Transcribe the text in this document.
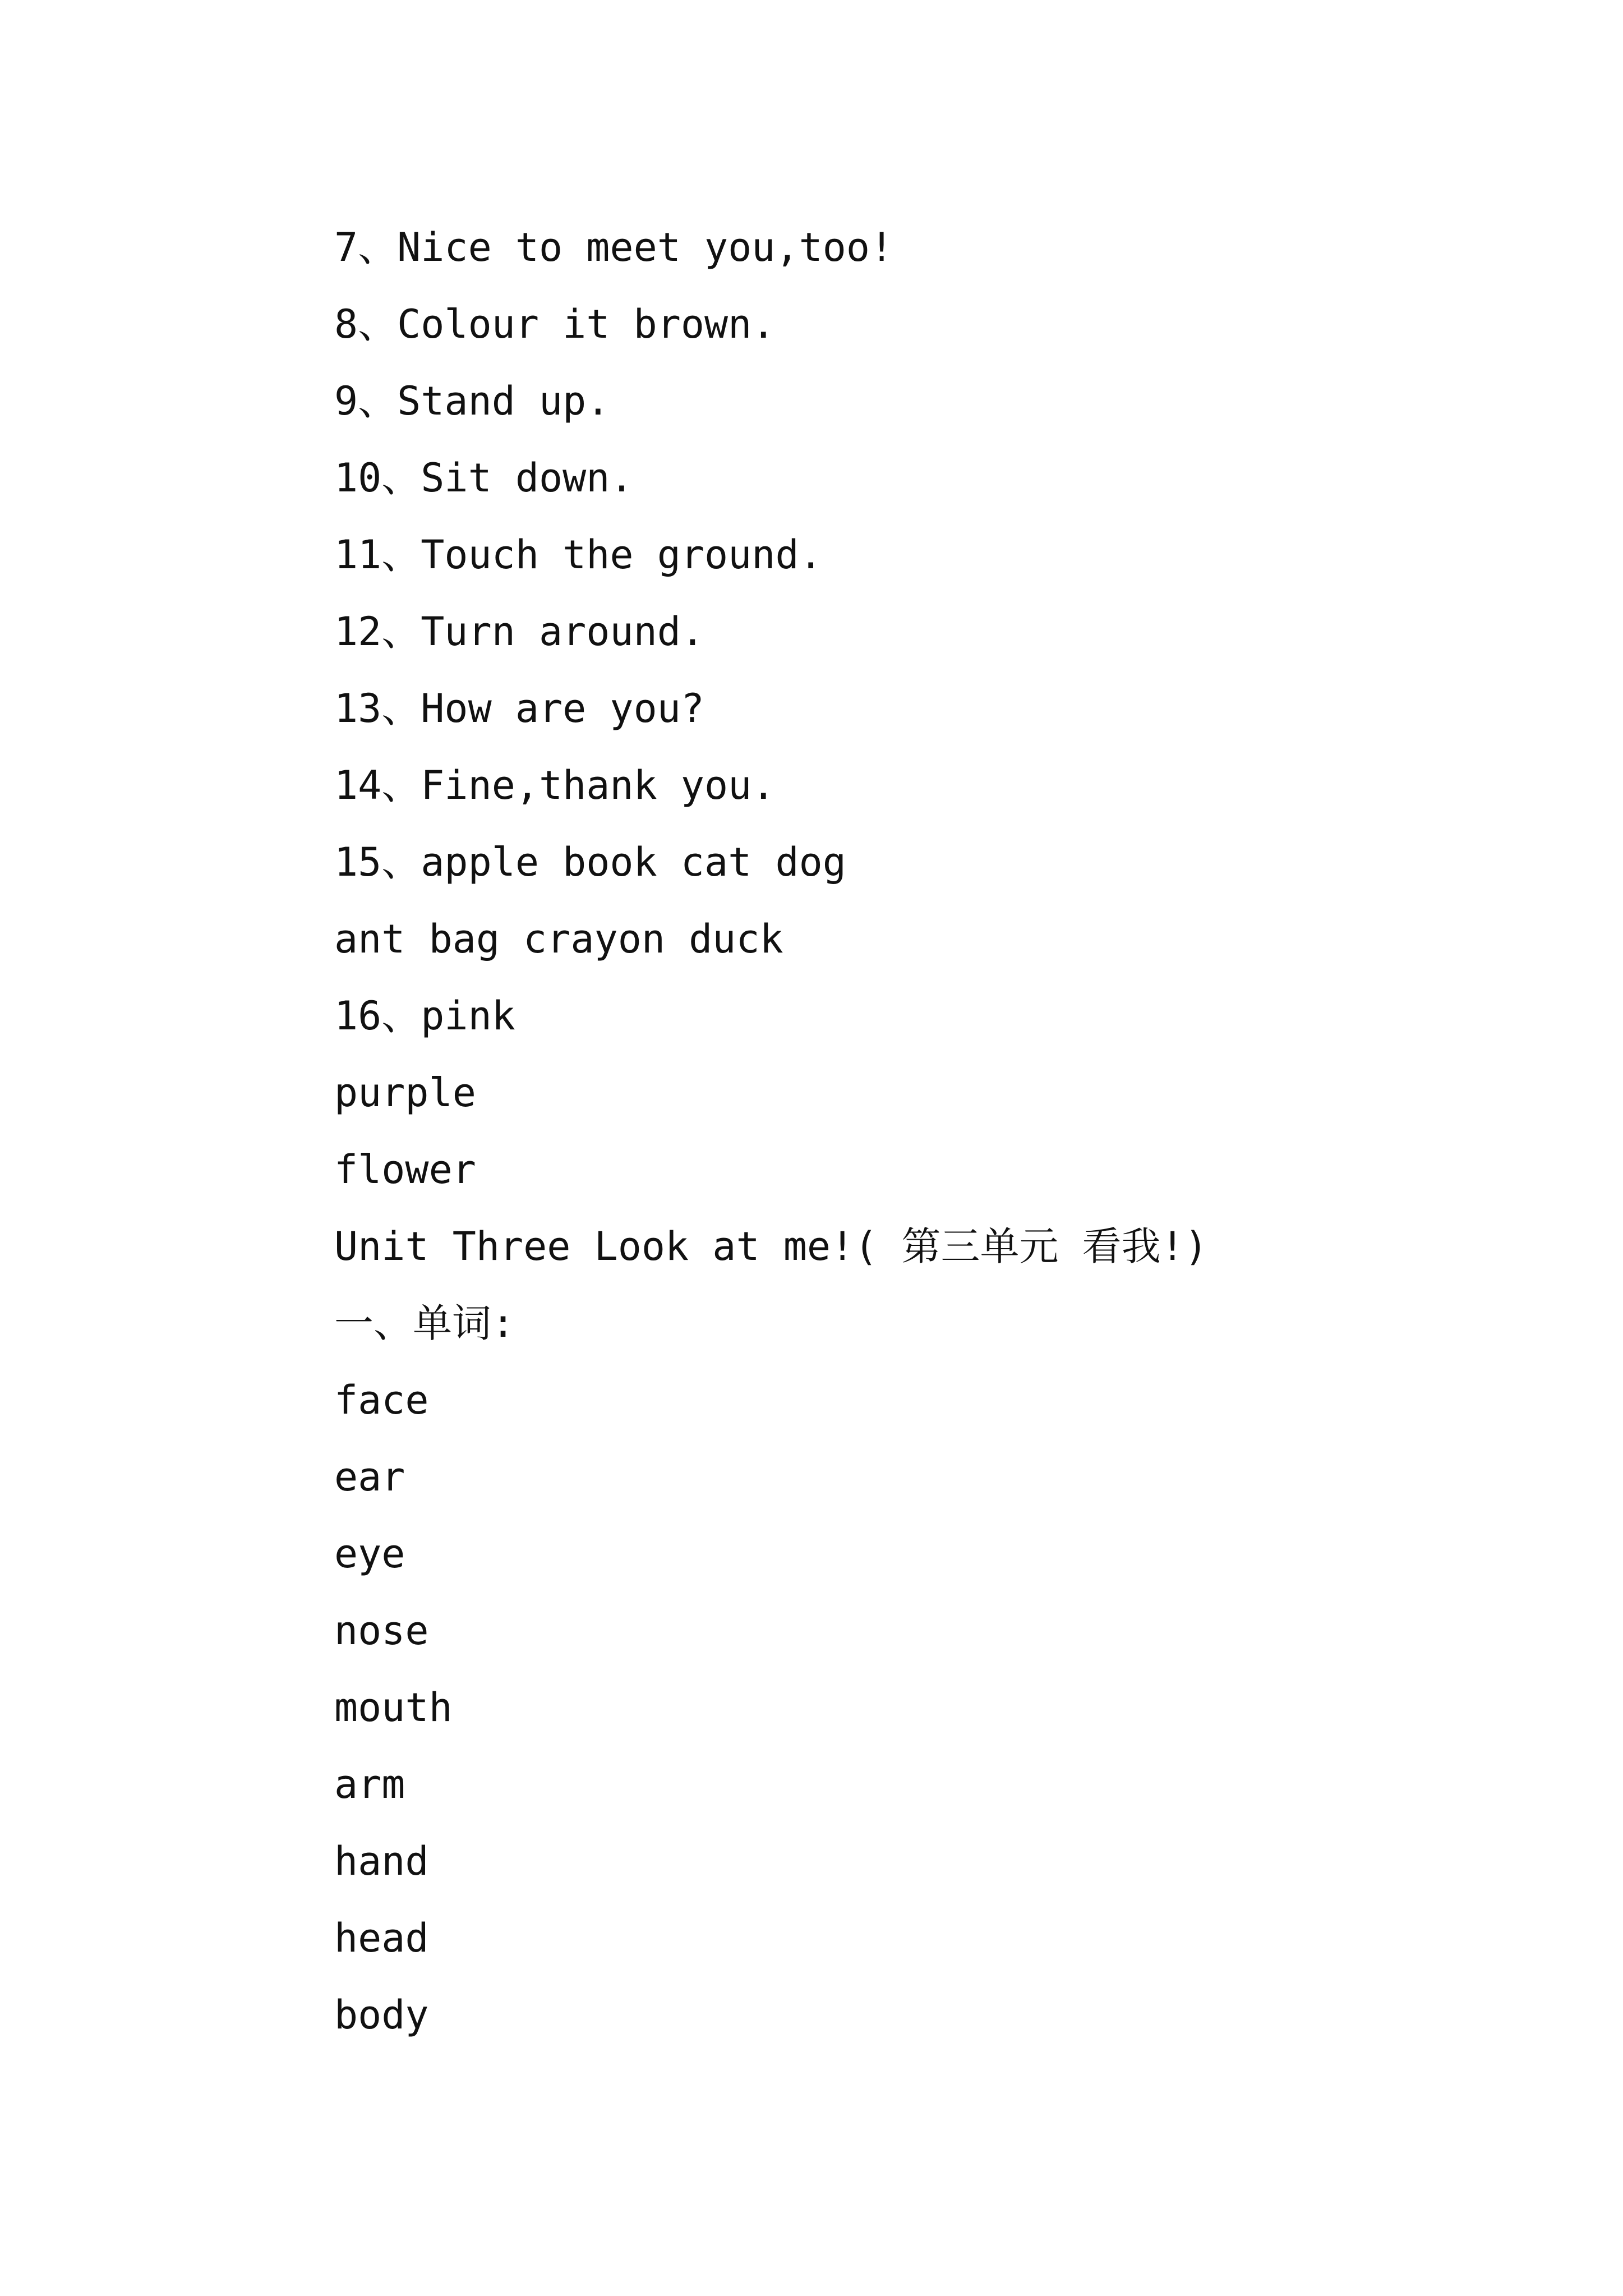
7、Nice to meet you,too!
8、Colour it brown.
9、Stand up.
10、Sit down.
11、Touch the ground.
12、Turn around.
13、How are you?
14、Fine,thank you.
15、apple book cat dog
ant bag crayon duck
16、pink
purple
flower
Unit Three Look at me!( 第三单元 看我!)
一、单词:
face
ear
eye
nose
mouth
arm
hand
head
body
